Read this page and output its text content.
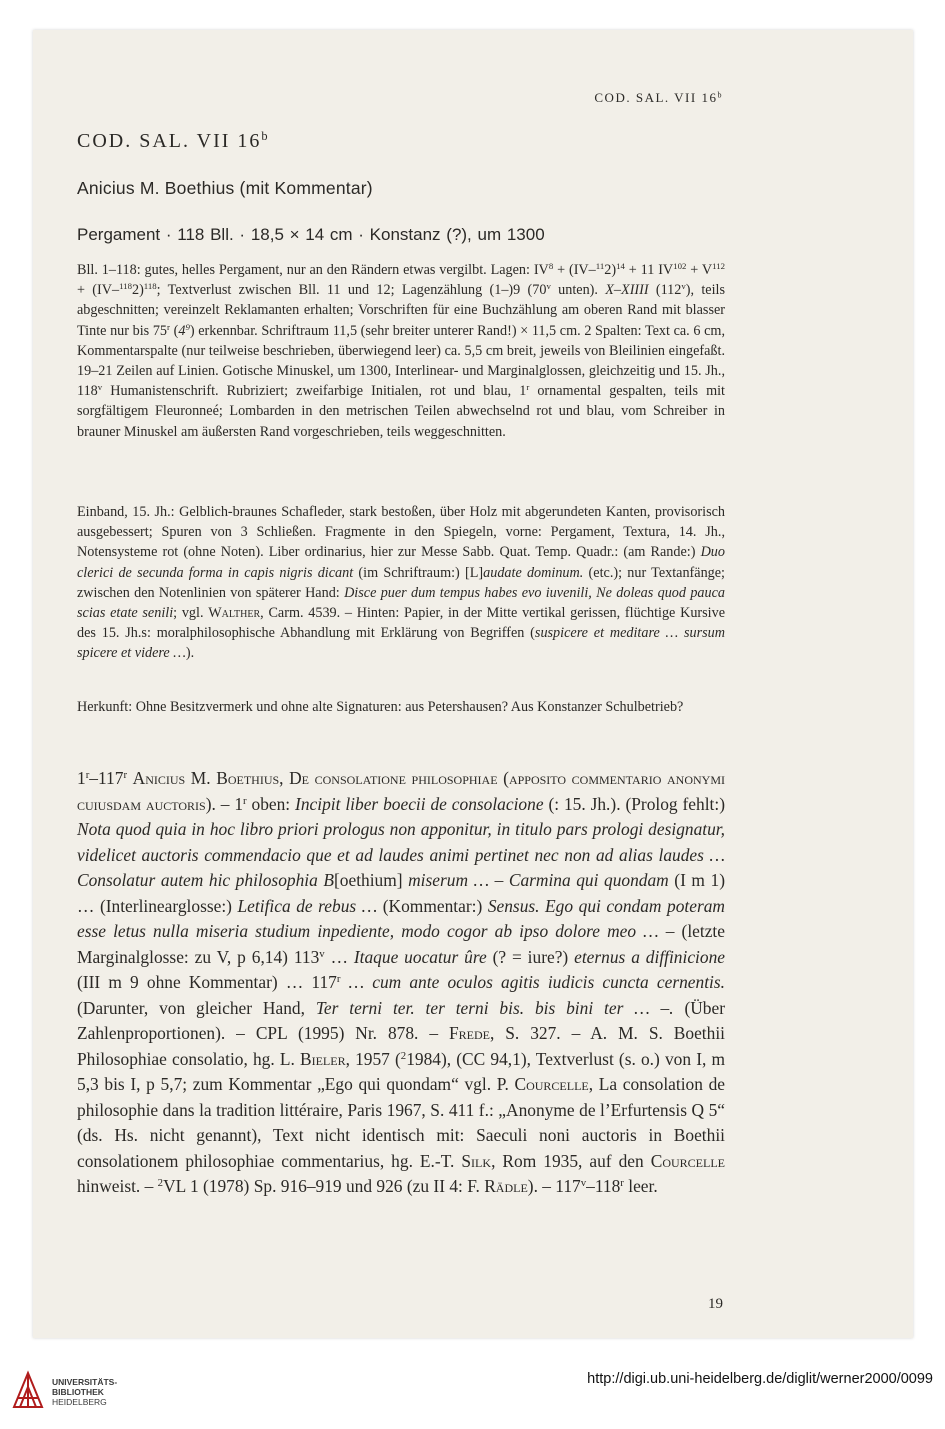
COD. SAL. VII 16$^b$
COD. SAL. VII 16$^b$
Anicius M. Boethius (mit Kommentar)
Pergament · 118 Bll. · 18,5 × 14 cm · Konstanz (?), um 1300

Bll. 1–118: gutes, helles Pergament, nur an den Rändern etwas vergilbt. Lagen: $IV^8 + (IV-^{11}2)^{14} + 11$ $IV^{102} + V^{112} + (IV-^{118}2)^{118}$; Textverlust zwischen Bll. 11 und 12; Lagenzählung (1–)9 (70$^v$ unten). X–XIIII (112$^v$), teils abgeschnitten; vereinzelt Reklamanten erhalten; Vorschriften für eine Buchzählung am oberen Rand mit blasser Tinte nur bis 75$^r$ $(4^9)$ erkennbar. Schriftraum 11,5 (sehr breiter unterer Rand!) × 11,5 cm. 2 Spalten: Text ca. 6 cm, Kommentarspalte (nur teilweise beschrieben, überwiegend leer) ca. 5,5 cm breit, jeweils von Bleilinien eingefaßt. 19–21 Zeilen auf Linien. Gotische Minuskel, um 1300, Interlinear- und Marginalglossen, gleichzeitig und 15. Jh., 118$^v$ Humanistenschrift. Rubriziert; zweifarbige Initialen, rot und blau, 1$^r$ ornamental gespalten, teils mit sorgfältigem Fleuronneé; Lombarden in den metrischen Teilen abwechselnd rot und blau, vom Schreiber in brauner Minuskel am äußersten Rand vorgeschrieben, teils weggeschnitten.

Einband, 15. Jh.: Gelblich-braunes Schafleder, stark bestoßen, über Holz mit abgerundeten Kanten, provisorisch ausgebessert; Spuren von 3 Schließen. Fragmente in den Spiegeln, vorne: Pergament, Textura, 14. Jh., Notensysteme rot (ohne Noten). Liber ordinarius, hier zur Messe Sabb. Quat. Temp. Quadr.: (am Rande:) Duo clerici de secunda forma in capis nigris dicant (im Schriftraum:) [L]audate dominum. (etc.); nur Textanfänge; zwischen den Notenlinien von späterer Hand: Disce puer dum tempus habes evo iuvenili, Ne doleas quod pauca scias etate senili; vgl. Walther, Carm. 4539. – Hinten: Papier, in der Mitte vertikal gerissen, flüchtige Kursive des 15. Jh.s: moralphilosophische Abhandlung mit Erklärung von Begriffen (suspicere et meditare … sursum spicere et videre …).

Herkunft: Ohne Besitzvermerk und ohne alte Signaturen: aus Petershausen? Aus Konstanzer Schulbetrieb?

1$^r$–117$^r$ Anicius M. Boethius, De consolatione philosophiae (apposito commentario anonymi cuiusdam auctoris). – 1$^r$ oben: Incipit liber boecii de consolacione (: 15. Jh.). (Prolog fehlt:) Nota quod quia in hoc libro priori prologus non apponitur, in titulo pars prologi designatur, videlicet auctoris commendacio que et ad laudes animi pertinet nec non ad alias laudes … Consolatur autem hic philosophia B[oethium] miserum … – Carmina qui quondam (I m 1) … (Interlinearglosse:) Letifica de rebus … (Kommentar:) Sensus. Ego qui condam poteram esse letus nulla miseria studium inpediente, modo cogor ab ipso dolore meo … – (letzte Marginalglosse: zu V, p 6,14) 113$^v$ … Itaque uocatur ûre (? = iure?) eternus a diffinicione (III m 9 ohne Kommentar) … 117$^r$ … cum ante oculos agitis iudicis cuncta cernentis. (Darunter, von gleicher Hand, Ter terni ter. ter terni bis. bis bini ter … –. (Über Zahlenproportionen). – CPL (1995) Nr. 878. – Frede, S. 327. – A. M. S. Boethii Philosophiae consolatio, hg. L. Bieler, 1957 ($^2$1984), (CC 94,1), Textverlust (s. o.) von I, m 5,3 bis I, p 5,7; zum Kommentar „Ego qui quondam“ vgl. P. Courcelle, La consolation de philosophie dans la tradition littéraire, Paris 1967, S. 411 f.: „Anonyme de l’Erfurtensis Q 5“ (ds. Hs. nicht genannt), Text nicht identisch mit: Saeculi noni auctoris in Boethii consolationem philosophiae commentarius, hg. E.-T. Silk, Rom 1935, auf den Courcelle hinweist. – $^2$VL 1 (1978) Sp. 916–919 und 926 (zu II 4: F. Rädle). – 117$^v$–118$^r$ leer.

19
UNIVERSITÄTS-
BIBLIOTHEK
HEIDELBERG
http://digi.ub.uni-heidelberg.de/diglit/werner2000/0099
